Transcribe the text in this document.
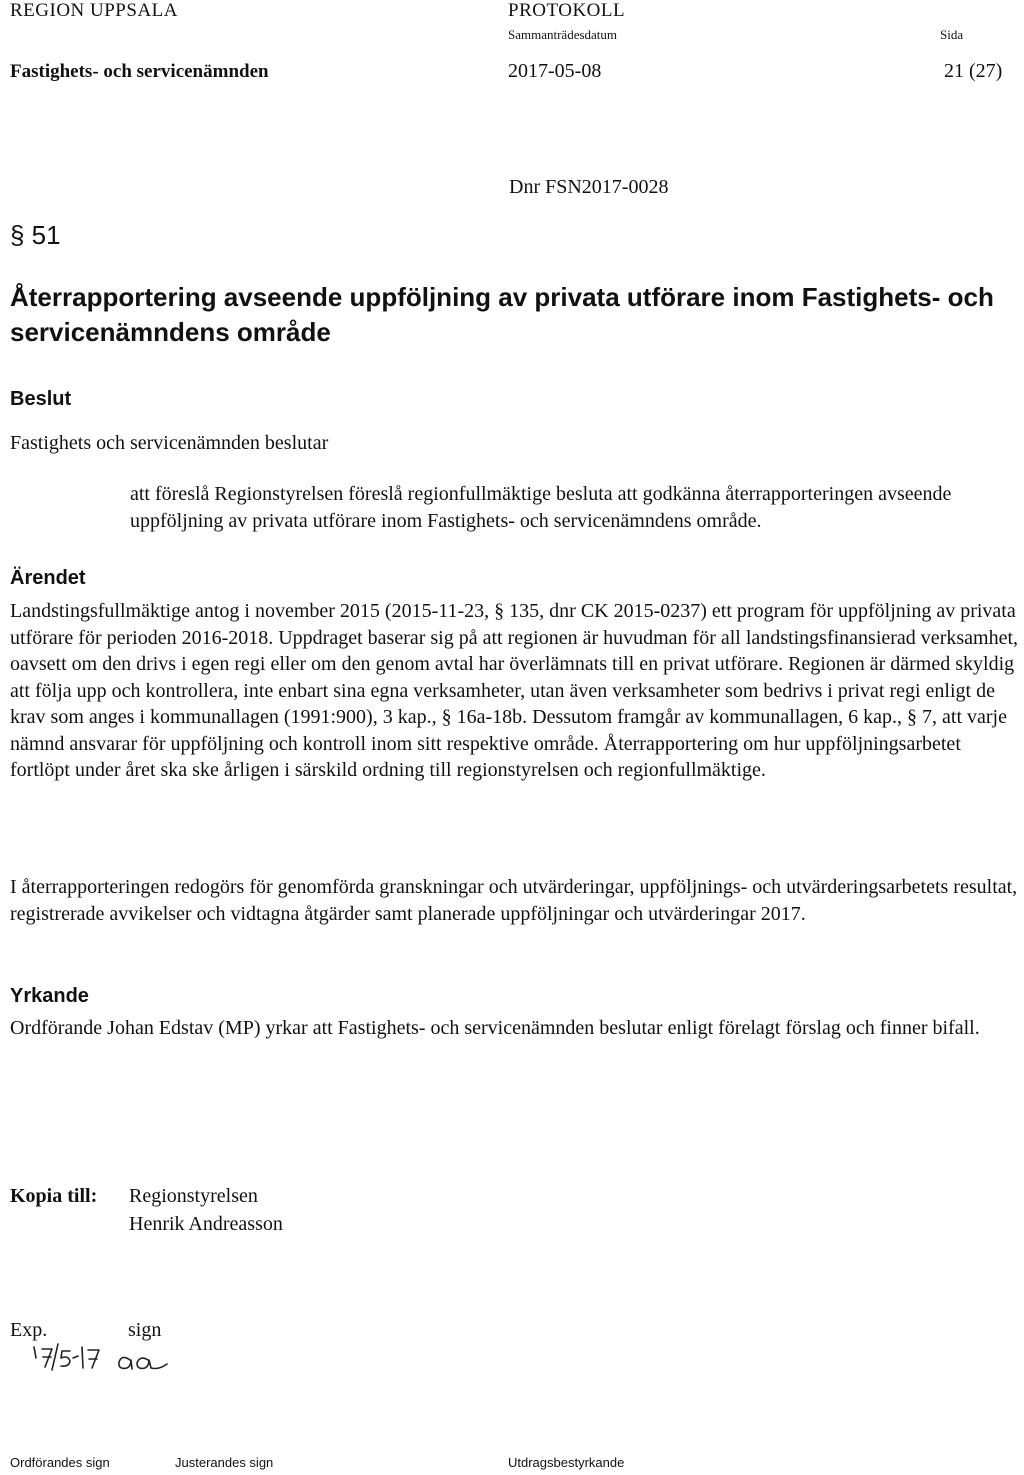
REGION UPPSALA	PROTOKOLL
Sammanträdesdatum	Sida
Fastighets- och servicenämnden	2017-05-08	21 (27)
Dnr FSN2017-0028
§ 51
Återrapportering avseende uppföljning av privata utförare inom Fastighets- och servicenämndens område
Beslut
Fastighets och servicenämnden beslutar
att föreslå Regionstyrelsen föreslå regionfullmäktige besluta att godkänna återrapporteringen avseende uppföljning av privata utförare inom Fastighets- och servicenämndens område.
Ärendet
Landstingsfullmäktige antog i november 2015 (2015-11-23, § 135, dnr CK 2015-0237) ett program för uppföljning av privata utförare för perioden 2016-2018. Uppdraget baserar sig på att regionen är huvudman för all landstingsfinansierad verksamhet, oavsett om den drivs i egen regi eller om den genom avtal har överlämnats till en privat utförare. Regionen är därmed skyldig att följa upp och kontrollera, inte enbart sina egna verksamheter, utan även verksamheter som bedrivs i privat regi enligt de krav som anges i kommunallagen (1991:900), 3 kap., § 16a-18b. Dessutom framgår av kommunallagen, 6 kap., § 7, att varje nämnd ansvarar för uppföljning och kontroll inom sitt respektive område. Återrapportering om hur uppföljningsarbetet fortlöpt under året ska ske årligen i särskild ordning till regionstyrelsen och regionfullmäktige.
I återrapporteringen redogörs för genomförda granskningar och utvärderingar, uppföljnings- och utvärderingsarbetets resultat, registrerade avvikelser och vidtagna åtgärder samt planerade uppföljningar och utvärderingar 2017.
Yrkande
Ordförande Johan Edstav (MP) yrkar att Fastighets- och servicenämnden beslutar enligt förelagt förslag och finner bifall.
Kopia till: Regionstyrelsen
Henrik Andreasson
Exp.	sign
Ordförandes sign	Justerandes sign	Utdragsbestyrkande
